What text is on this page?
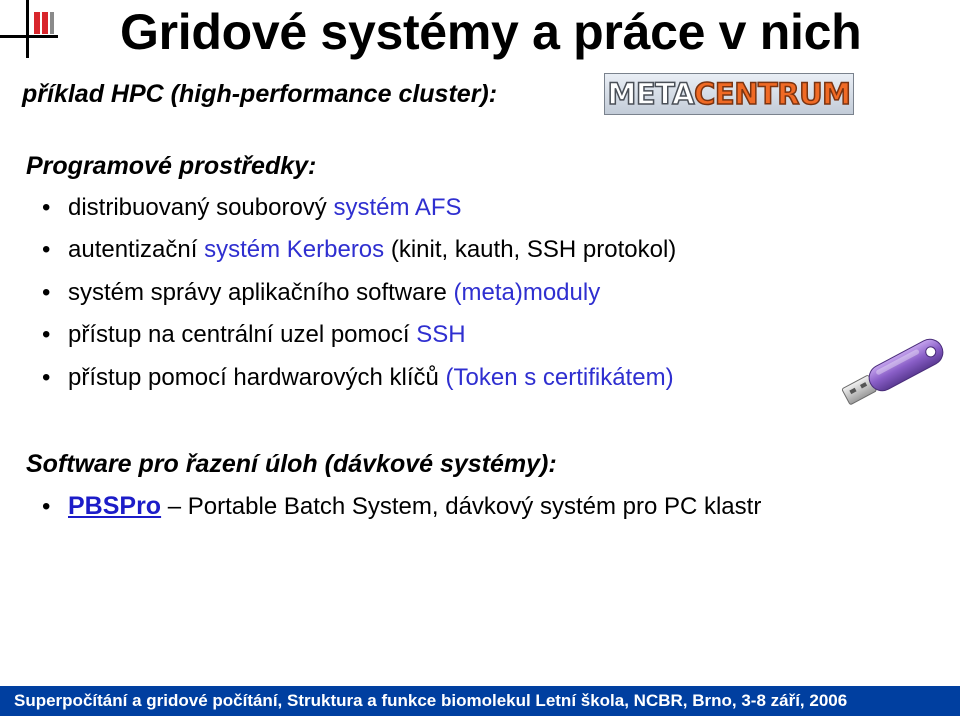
Gridové systémy a práce v nich
příklad HPC (high-performance cluster):	META CENTRUM
Programové prostředky:
• distribuovaný souborový systém AFS
• autentizační systém Kerberos (kinit, kauth, SSH protokol)
• systém správy aplikačního software (meta)moduly
• přístup na centrální uzel pomocí SSH
• přístup pomocí hardwarových klíčů (Token s certifikátem)
Software pro řazení úloh (dávkové systémy):
• PBSPro – Portable Batch System, dávkový systém pro PC klastr
Superpočítání a gridové počítání, Struktura a funkce biomolekul Letní škola, NCBR, Brno, 3-8 září, 2006
